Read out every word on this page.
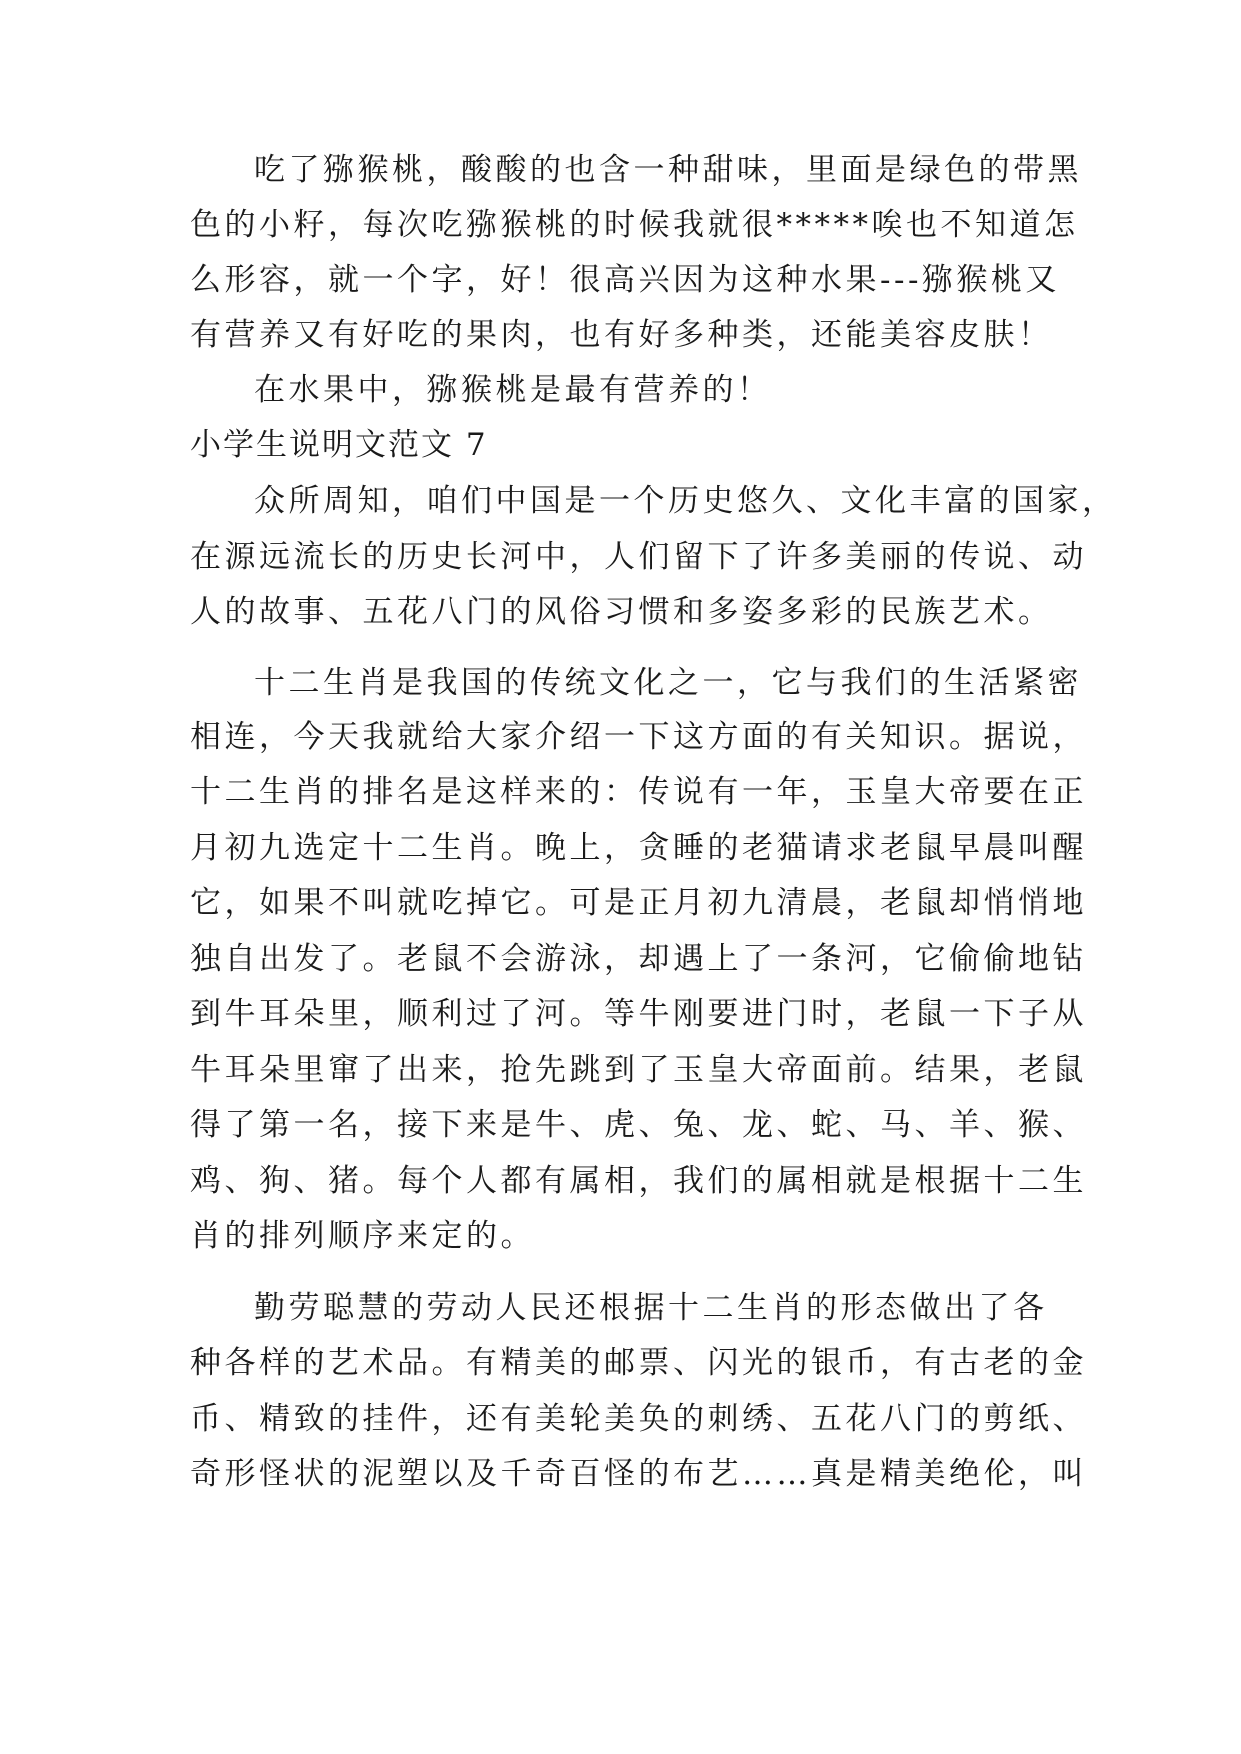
吃了猕猴桃，酸酸的也含一种甜味，里面是绿色的带黑
色的小籽，每次吃猕猴桃的时候我就很*****唉也不知道怎
么形容，就一个字，好！很高兴因为这种水果---猕猴桃又
有营养又有好吃的果肉，也有好多种类，还能美容皮肤！
在水果中，猕猴桃是最有营养的！
小学生说明文范文 7
众所周知，咱们中国是一个历史悠久、文化丰富的国家，
在源远流长的历史长河中，人们留下了许多美丽的传说、动
人的故事、五花八门的风俗习惯和多姿多彩的民族艺术。
十二生肖是我国的传统文化之一，它与我们的生活紧密
相连，今天我就给大家介绍一下这方面的有关知识。据说，
十二生肖的排名是这样来的：传说有一年，玉皇大帝要在正
月初九选定十二生肖。晚上，贪睡的老猫请求老鼠早晨叫醒
它，如果不叫就吃掉它。可是正月初九清晨，老鼠却悄悄地
独自出发了。老鼠不会游泳，却遇上了一条河，它偷偷地钻
到牛耳朵里，顺利过了河。等牛刚要进门时，老鼠一下子从
牛耳朵里窜了出来，抢先跳到了玉皇大帝面前。结果，老鼠
得了第一名，接下来是牛、虎、兔、龙、蛇、马、羊、猴、
鸡、狗、猪。每个人都有属相，我们的属相就是根据十二生
肖的排列顺序来定的。
勤劳聪慧的劳动人民还根据十二生肖的形态做出了各
种各样的艺术品。有精美的邮票、闪光的银币，有古老的金
币、精致的挂件，还有美轮美奂的刺绣、五花八门的剪纸、
奇形怪状的泥塑以及千奇百怪的布艺……真是精美绝伦，叫
